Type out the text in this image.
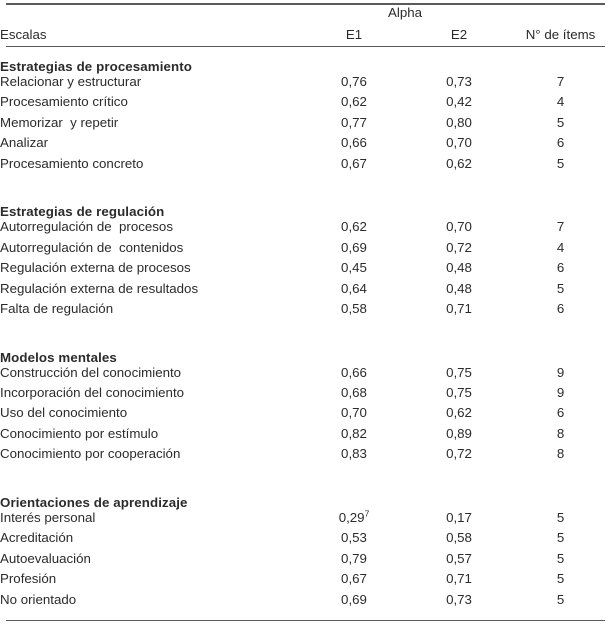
	Alpha		
Escalas	E1	E2	N° de ítems
Estrategias de procesamiento			
Relacionar y estructurar	0,76	0,73	7
Procesamiento crítico	0,62	0,42	4
Memorizar  y repetir	0,77	0,80	5
Analizar	0,66	0,70	6
Procesamiento concreto	0,67	0,62	5

Estrategias de regulación			
Autorregulación de  procesos	0,62	0,70	7
Autorregulación de  contenidos	0,69	0,72	4
Regulación externa de procesos	0,45	0,48	6
Regulación externa de resultados	0,64	0,48	5
Falta de regulación	0,58	0,71	6

Modelos mentales			
Construcción del conocimiento	0,66	0,75	9
Incorporación del conocimiento	0,68	0,75	9
Uso del conocimiento	0,70	0,62	6
Conocimiento por estímulo	0,82	0,89	8
Conocimiento por cooperación	0,83	0,72	8

Orientaciones de aprendizaje			
Interés personal	0,29$^7$	0,17	5
Acreditación	0,53	0,58	5
Autoevaluación	0,79	0,57	5
Profesión	0,67	0,71	5
No orientado	0,69	0,73	5
